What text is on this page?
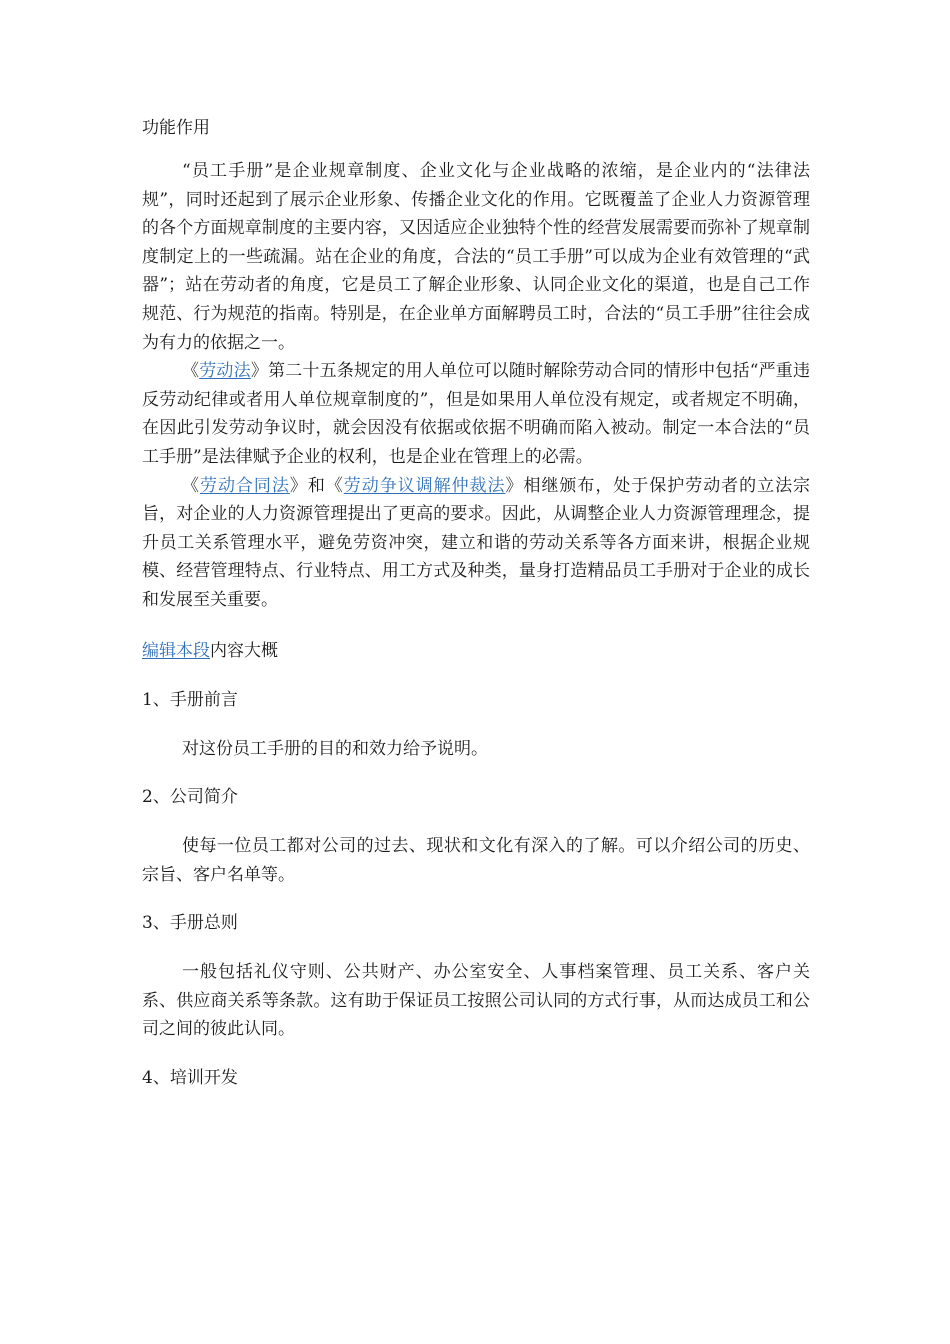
功能作用

“员工手册”是企业规章制度、企业文化与企业战略的浓缩，是企业内的“法律法规”，同时还起到了展示企业形象、传播企业文化的作用。它既覆盖了企业人力资源管理的各个方面规章制度的主要内容，又因适应企业独特个性的经营发展需要而弥补了规章制度制定上的一些疏漏。站在企业的角度，合法的“员工手册”可以成为企业有效管理的“武器”；站在劳动者的角度，它是员工了解企业形象、认同企业文化的渠道，也是自己工作规范、行为规范的指南。特别是，在企业单方面解聘员工时，合法的“员工手册”往往会成为有力的依据之一。

《劳动法》第二十五条规定的用人单位可以随时解除劳动合同的情形中包括“严重违反劳动纪律或者用人单位规章制度的”，但是如果用人单位没有规定，或者规定不明确，在因此引发劳动争议时，就会因没有依据或依据不明确而陷入被动。制定一本合法的“员工手册”是法律赋予企业的权利，也是企业在管理上的必需。

《劳动合同法》和《劳动争议调解仲裁法》相继颁布，处于保护劳动者的立法宗旨，对企业的人力资源管理提出了更高的要求。因此，从调整企业人力资源管理理念，提升员工关系管理水平，避免劳资冲突，建立和谐的劳动关系等各方面来讲，根据企业规模、经营管理特点、行业特点、用工方式及种类，量身打造精品员工手册对于企业的成长和发展至关重要。

编辑本段内容大概

1、手册前言

对这份员工手册的目的和效力给予说明。

2、公司简介

使每一位员工都对公司的过去、现状和文化有深入的了解。可以介绍公司的历史、宗旨、客户名单等。

3、手册总则

一般包括礼仪守则、公共财产、办公室安全、人事档案管理、员工关系、客户关系、供应商关系等条款。这有助于保证员工按照公司认同的方式行事，从而达成员工和公司之间的彼此认同。

4、培训开发
